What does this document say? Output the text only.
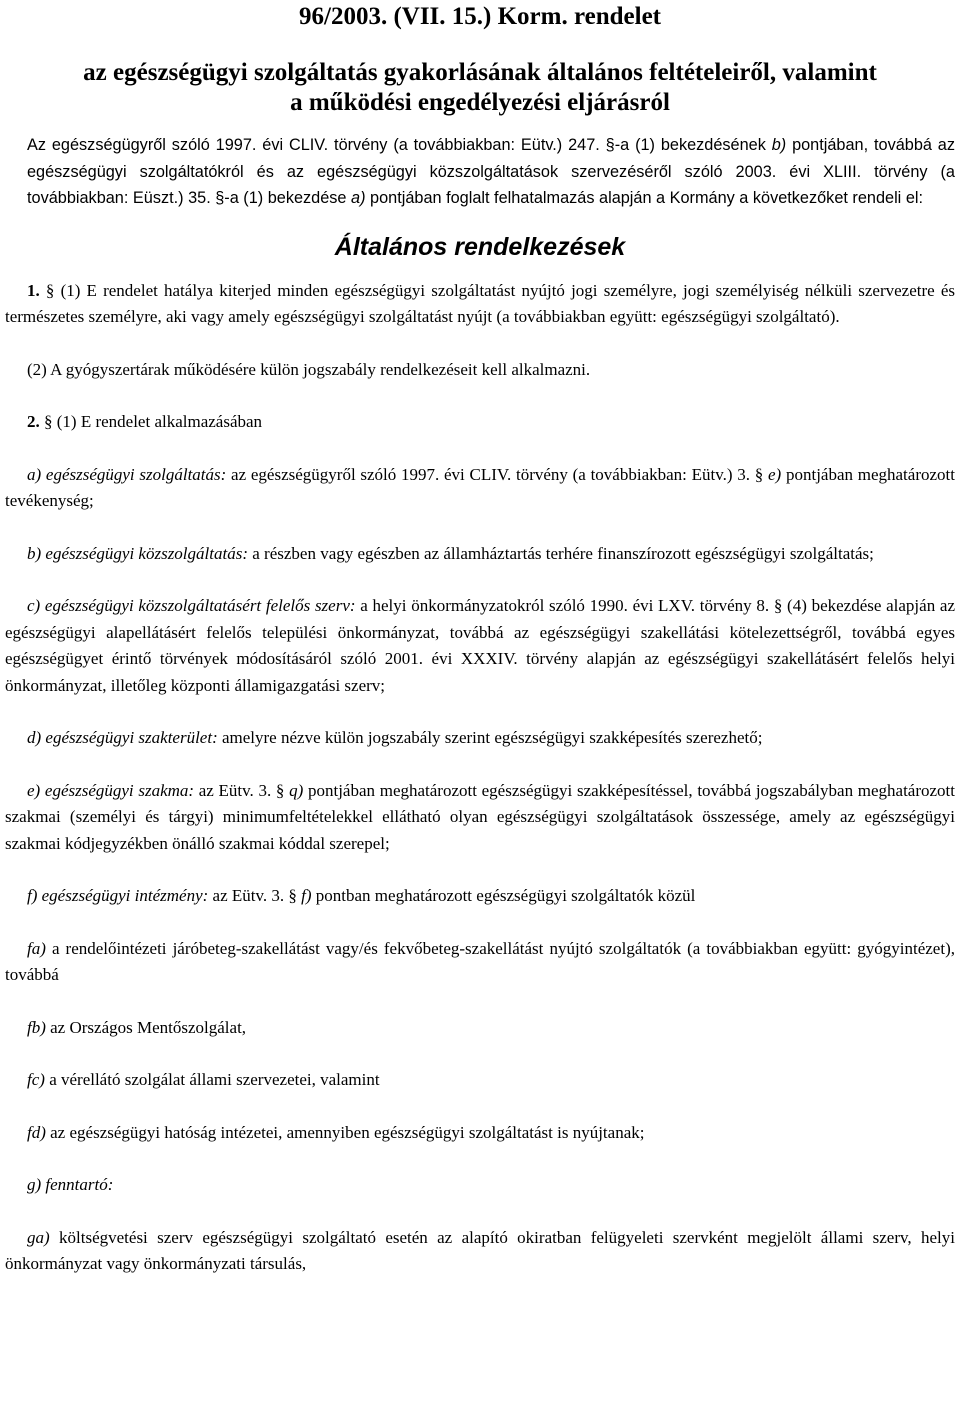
96/2003. (VII. 15.) Korm. rendelet
az egészségügyi szolgáltatás gyakorlásának általános feltételeiről, valamint
a működési engedélyezési eljárásról

Az egészségügyről szóló 1997. évi CLIV. törvény (a továbbiakban: Eütv.) 247. §-a (1) bekezdésének b) pontjában, továbbá az egészségügyi szolgáltatókról és az egészségügyi közszolgáltatások szervezéséről szóló 2003. évi XLIII. törvény (a továbbiakban: Eüszt.) 35. §-a (1) bekezdése a) pontjában foglalt felhatalmazás alapján a Kormány a következőket rendeli el:

Általános rendelkezések

1. § (1) E rendelet hatálya kiterjed minden egészségügyi szolgáltatást nyújtó jogi személyre, jogi személyiség nélküli szervezetre és természetes személyre, aki vagy amely egészségügyi szolgáltatást nyújt (a továbbiakban együtt: egészségügyi szolgáltató).

(2) A gyógyszertárak működésére külön jogszabály rendelkezéseit kell alkalmazni.

2. § (1) E rendelet alkalmazásában

a) egészségügyi szolgáltatás: az egészségügyről szóló 1997. évi CLIV. törvény (a továbbiakban: Eütv.) 3. § e) pontjában meghatározott tevékenység;

b) egészségügyi közszolgáltatás: a részben vagy egészben az államháztartás terhére finanszírozott egészségügyi szolgáltatás;

c) egészségügyi közszolgáltatásért felelős szerv: a helyi önkormányzatokról szóló 1990. évi LXV. törvény 8. § (4) bekezdése alapján az egészségügyi alapellátásért felelős települési önkormányzat, továbbá az egészségügyi szakellátási kötelezettségről, továbbá egyes egészségügyet érintő törvények módosításáról szóló 2001. évi XXXIV. törvény alapján az egészségügyi szakellátásért felelős helyi önkormányzat, illetőleg központi államigazgatási szerv;

d) egészségügyi szakterület: amelyre nézve külön jogszabály szerint egészségügyi szakképesítés szerezhető;

e) egészségügyi szakma: az Eütv. 3. § q) pontjában meghatározott egészségügyi szakképesítéssel, továbbá jogszabályban meghatározott szakmai (személyi és tárgyi) minimumfeltételekkel ellátható olyan egészségügyi szolgáltatások összessége, amely az egészségügyi szakmai kódjegyzékben önálló szakmai kóddal szerepel;

f) egészségügyi intézmény: az Eütv. 3. § f) pontban meghatározott egészségügyi szolgáltatók közül

fa) a rendelőintézeti járóbeteg-szakellátást vagy/és fekvőbeteg-szakellátást nyújtó szolgáltatók (a továbbiakban együtt: gyógyintézet), továbbá

fb) az Országos Mentőszolgálat,

fc) a vérellátó szolgálat állami szervezetei, valamint

fd) az egészségügyi hatóság intézetei, amennyiben egészségügyi szolgáltatást is nyújtanak;

g) fenntartó:

ga) költségvetési szerv egészségügyi szolgáltató esetén az alapító okiratban felügyeleti szervként megjelölt állami szerv, helyi önkormányzat vagy önkormányzati társulás,
